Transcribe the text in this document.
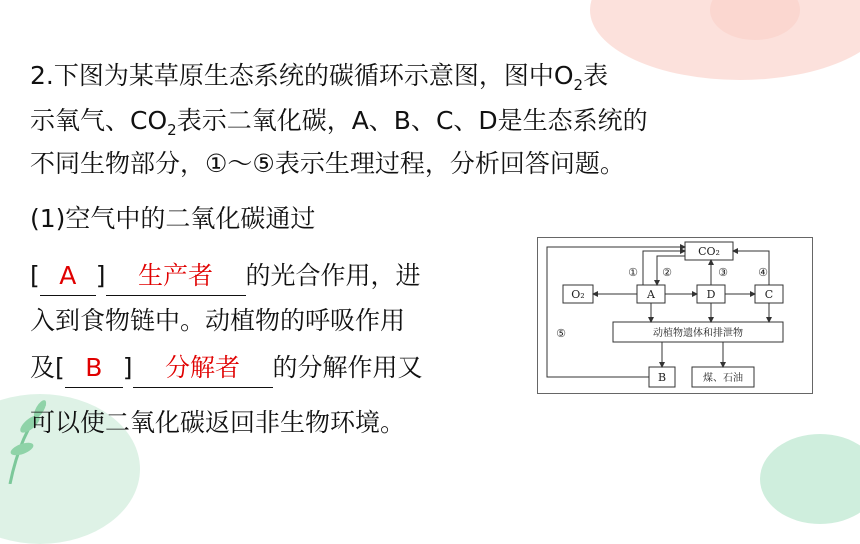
2.下图为某草原生态系统的碳循环示意图，图中$O_2$表
示氧气、$CO_2$表示二氧化碳，A、B、C、D是生态系统的
不同生物部分，①～⑤表示生理过程，分析回答问题。
(1)空气中的二氧化碳通过
[ A ] 生产者 的光合作用，进
入到食物链中。动植物的呼吸作用
及[ B ] 分解者 的分解作用又
可以使二氧化碳返回非生物环境。
CO₂
O₂	A	D	C
动植物遗体和排泄物
B	煤、石油
① ②	③	④
⑤
